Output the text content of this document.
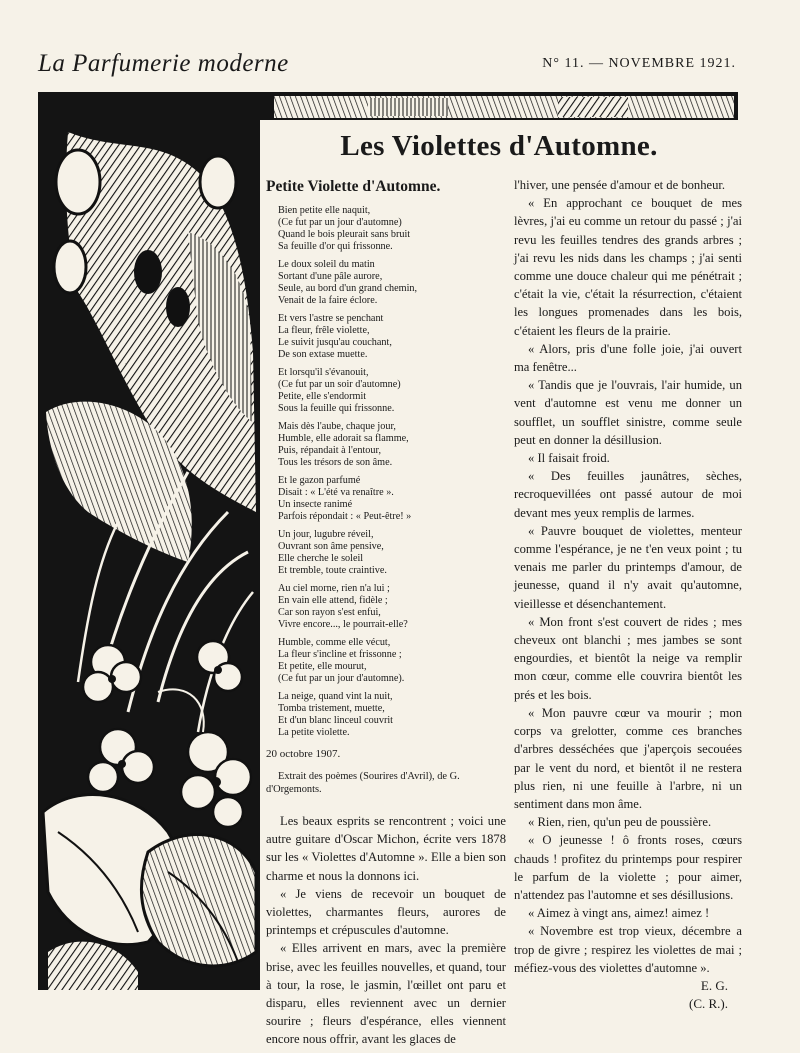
La Parfumerie moderne	N° 11. — NOVEMBRE 1921.
Les Violettes d'Automne.
Petite Violette d'Automne.
Bien petite elle naquit,
(Ce fut par un jour d'automne)
Quand le bois pleurait sans bruit
Sa feuille d'or qui frissonne.
Le doux soleil du matin
Sortant d'une pâle aurore,
Seule, au bord d'un grand chemin,
Venait de la faire éclore.
Et vers l'astre se penchant
La fleur, frêle violette,
Le suivit jusqu'au couchant,
De son extase muette.
Et lorsqu'il s'évanouit,
(Ce fut par un soir d'automne)
Petite, elle s'endormit
Sous la feuille qui frissonne.
Mais dès l'aube, chaque jour,
Humble, elle adorait sa flamme,
Puis, répandait à l'entour,
Tous les trésors de son âme.
Et le gazon parfumé
Disait : « L'été va renaître ».
Un insecte ranimé
Parfois répondait : « Peut-être! »
Un jour, lugubre réveil,
Ouvrant son âme pensive,
Elle cherche le soleil
Et tremble, toute craintive.
Au ciel morne, rien n'a lui ;
En vain elle attend, fidèle ;
Car son rayon s'est enfui,
Vivre encore..., le pourrait-elle?
Humble, comme elle vécut,
La fleur s'incline et frissonne ;
Et petite, elle mourut,
(Ce fut par un jour d'automne).
La neige, quand vint la nuit,
Tomba tristement, muette,
Et d'un blanc linceul couvrit
La petite violette.
20 octobre 1907.
Extrait des poèmes (Sourires d'Avril), de G. d'Orgemonts.

Les beaux esprits se rencontrent ; voici une autre guitare d'Oscar Michon, écrite vers 1878 sur les « Violettes d'Automne ». Elle a bien son charme et nous la donnons ici.

« Je viens de recevoir un bouquet de violettes, charmantes fleurs, aurores de printemps et crépuscules d'automne.

« Elles arrivent en mars, avec la première brise, avec les feuilles nouvelles, et quand, tour à tour, la rose, le jasmin, l'œillet ont paru et disparu, elles reviennent avec un dernier sourire ; fleurs d'espérance, elles viennent encore nous offrir, avant les glaces de

l'hiver, une pensée d'amour et de bonheur.

« En approchant ce bouquet de mes lèvres, j'ai eu comme un retour du passé ; j'ai revu les feuilles tendres des grands arbres ; j'ai revu les nids dans les champs ; j'ai senti comme une douce chaleur qui me pénétrait ; c'était la vie, c'était la résurrection, c'étaient les longues promenades dans les bois, c'étaient les fleurs de la prairie.

« Alors, pris d'une folle joie, j'ai ouvert ma fenêtre...

« Tandis que je l'ouvrais, l'air humide, un vent d'automne est venu me donner un soufflet, un soufflet sinistre, comme seule peut en donner la désillusion.

« Il faisait froid.

« Des feuilles jaunâtres, sèches, recroquevillées ont passé autour de moi devant mes yeux remplis de larmes.

« Pauvre bouquet de violettes, menteur comme l'espérance, je ne t'en veux point ; tu venais me parler du printemps d'amour, de jeunesse, quand il n'y avait qu'automne, vieillesse et désenchantement.

« Mon front s'est couvert de rides ; mes cheveux ont blanchi ; mes jambes se sont engourdies, et bientôt la neige va remplir mon cœur, comme elle couvrira bientôt les prés et les bois.

« Mon pauvre cœur va mourir ; mon corps va grelotter, comme ces branches d'arbres desséchées que j'aperçois secouées par le vent du nord, et bientôt il ne restera plus rien, ni une feuille à l'arbre, ni un sentiment dans mon âme.

« Rien, rien, qu'un peu de poussière.

« O jeunesse ! ô fronts roses, cœurs chauds ! profitez du printemps pour respirer le parfum de la violette ; pour aimer, n'attendez pas l'automne et ses désillusions.

« Aimez à vingt ans, aimez! aimez !

« Novembre est trop vieux, décembre a trop de givre ; respirez les violettes de mai ; méfiez-vous des violettes d'automne ».

E. G.
(C. R.).
